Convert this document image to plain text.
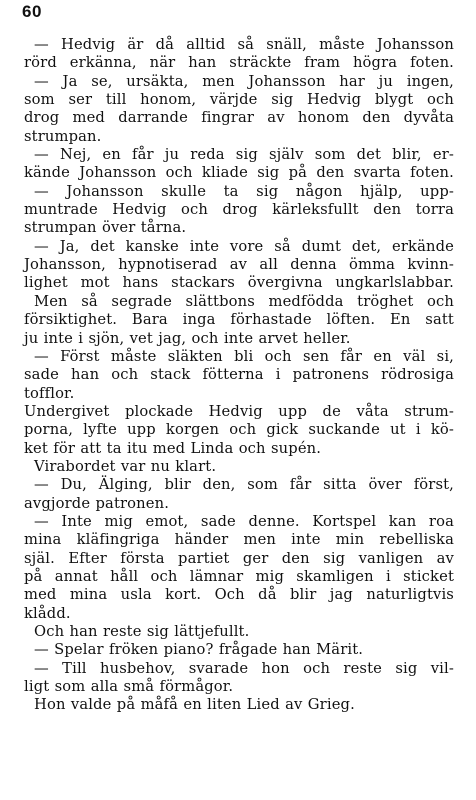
60
— Hedvig är då alltid så snäll, måste Johansson
rörd erkänna, när han sträckte fram högra foten.
— Ja se, ursäkta, men Johansson har ju ingen,
som ser till honom, värjde sig Hedvig blygt och
drog med darrande fingrar av honom den dyvåta
strumpan.
— Nej, en får ju reda sig själv som det blir, er-
kände Johansson och kliade sig på den svarta foten.
— Johansson skulle ta sig någon hjälp, upp-
muntrade Hedvig och drog kärleksfullt den torra
strumpan över tårna.
— Ja, det kanske inte vore så dumt det, erkände
Johansson, hypnotiserad av all denna ömma kvinn-
lighet mot hans stackars övergivna ungkarlslabbar.
Men så segrade slättbons medfödda tröghet och
försiktighet. Bara inga förhastade löften. En satt
ju inte i sjön, vet jag, och inte arvet heller.
— Först måste släkten bli och sen får en väl si,
sade han och stack fötterna i patronens rödrosiga
tofflor.
Undergivet plockade Hedvig upp de våta strum-
porna, lyfte upp korgen och gick suckande ut i kö-
ket för att ta itu med Linda och supén.
Virabordet var nu klart.
— Du, Älging, blir den, som får sitta över först,
avgjorde patronen.
— Inte mig emot, sade denne. Kortspel kan roa
mina kläfingriga händer men inte min rebelliska
själ. Efter första partiet ger den sig vanligen av
på annat håll och lämnar mig skamligen i sticket
med mina usla kort. Och då blir jag naturligtvis
klådd.
Och han reste sig lättjefullt.
— Spelar fröken piano? frågade han Märit.
— Till husbehov, svarade hon och reste sig vil-
ligt som alla små förmågor.
Hon valde på måfå en liten Lied av Grieg.
